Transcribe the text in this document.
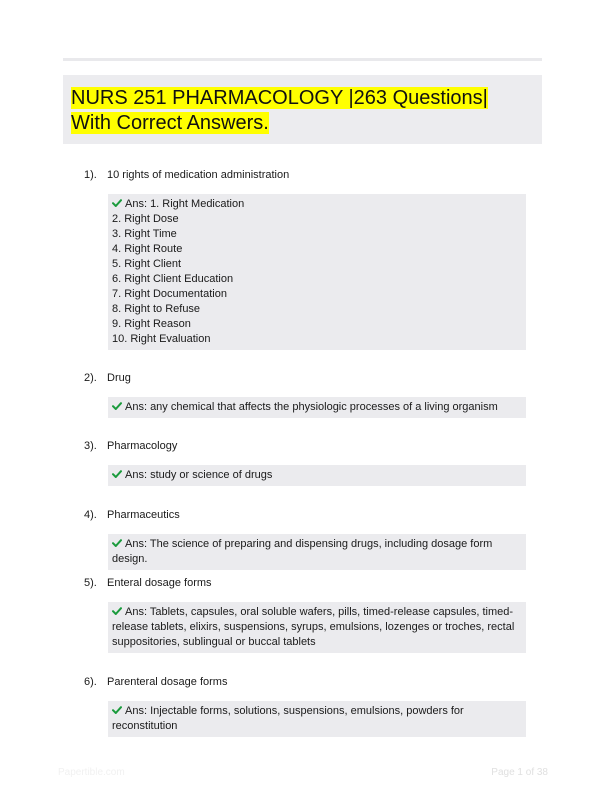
NURS 251 PHARMACOLOGY |263 Questions| With Correct Answers.
1). 10 rights of medication administration
Ans: 1. Right Medication
2. Right Dose
3. Right Time
4. Right Route
5. Right Client
6. Right Client Education
7. Right Documentation
8. Right to Refuse
9. Right Reason
10. Right Evaluation
2). Drug
Ans: any chemical that affects the physiologic processes of a living organism
3). Pharmacology
Ans: study or science of drugs
4). Pharmaceutics
Ans: The science of preparing and dispensing drugs, including dosage form design.
5). Enteral dosage forms
Ans: Tablets, capsules, oral soluble wafers, pills, timed-release capsules, timed-
release tablets, elixirs, suspensions, syrups, emulsions, lozenges or troches, rectal
suppositories, sublingual or buccal tablets
6). Parenteral dosage forms
Ans: Injectable forms, solutions, suspensions, emulsions, powders for reconstitution
Papertible.com	Page 1 of 38
